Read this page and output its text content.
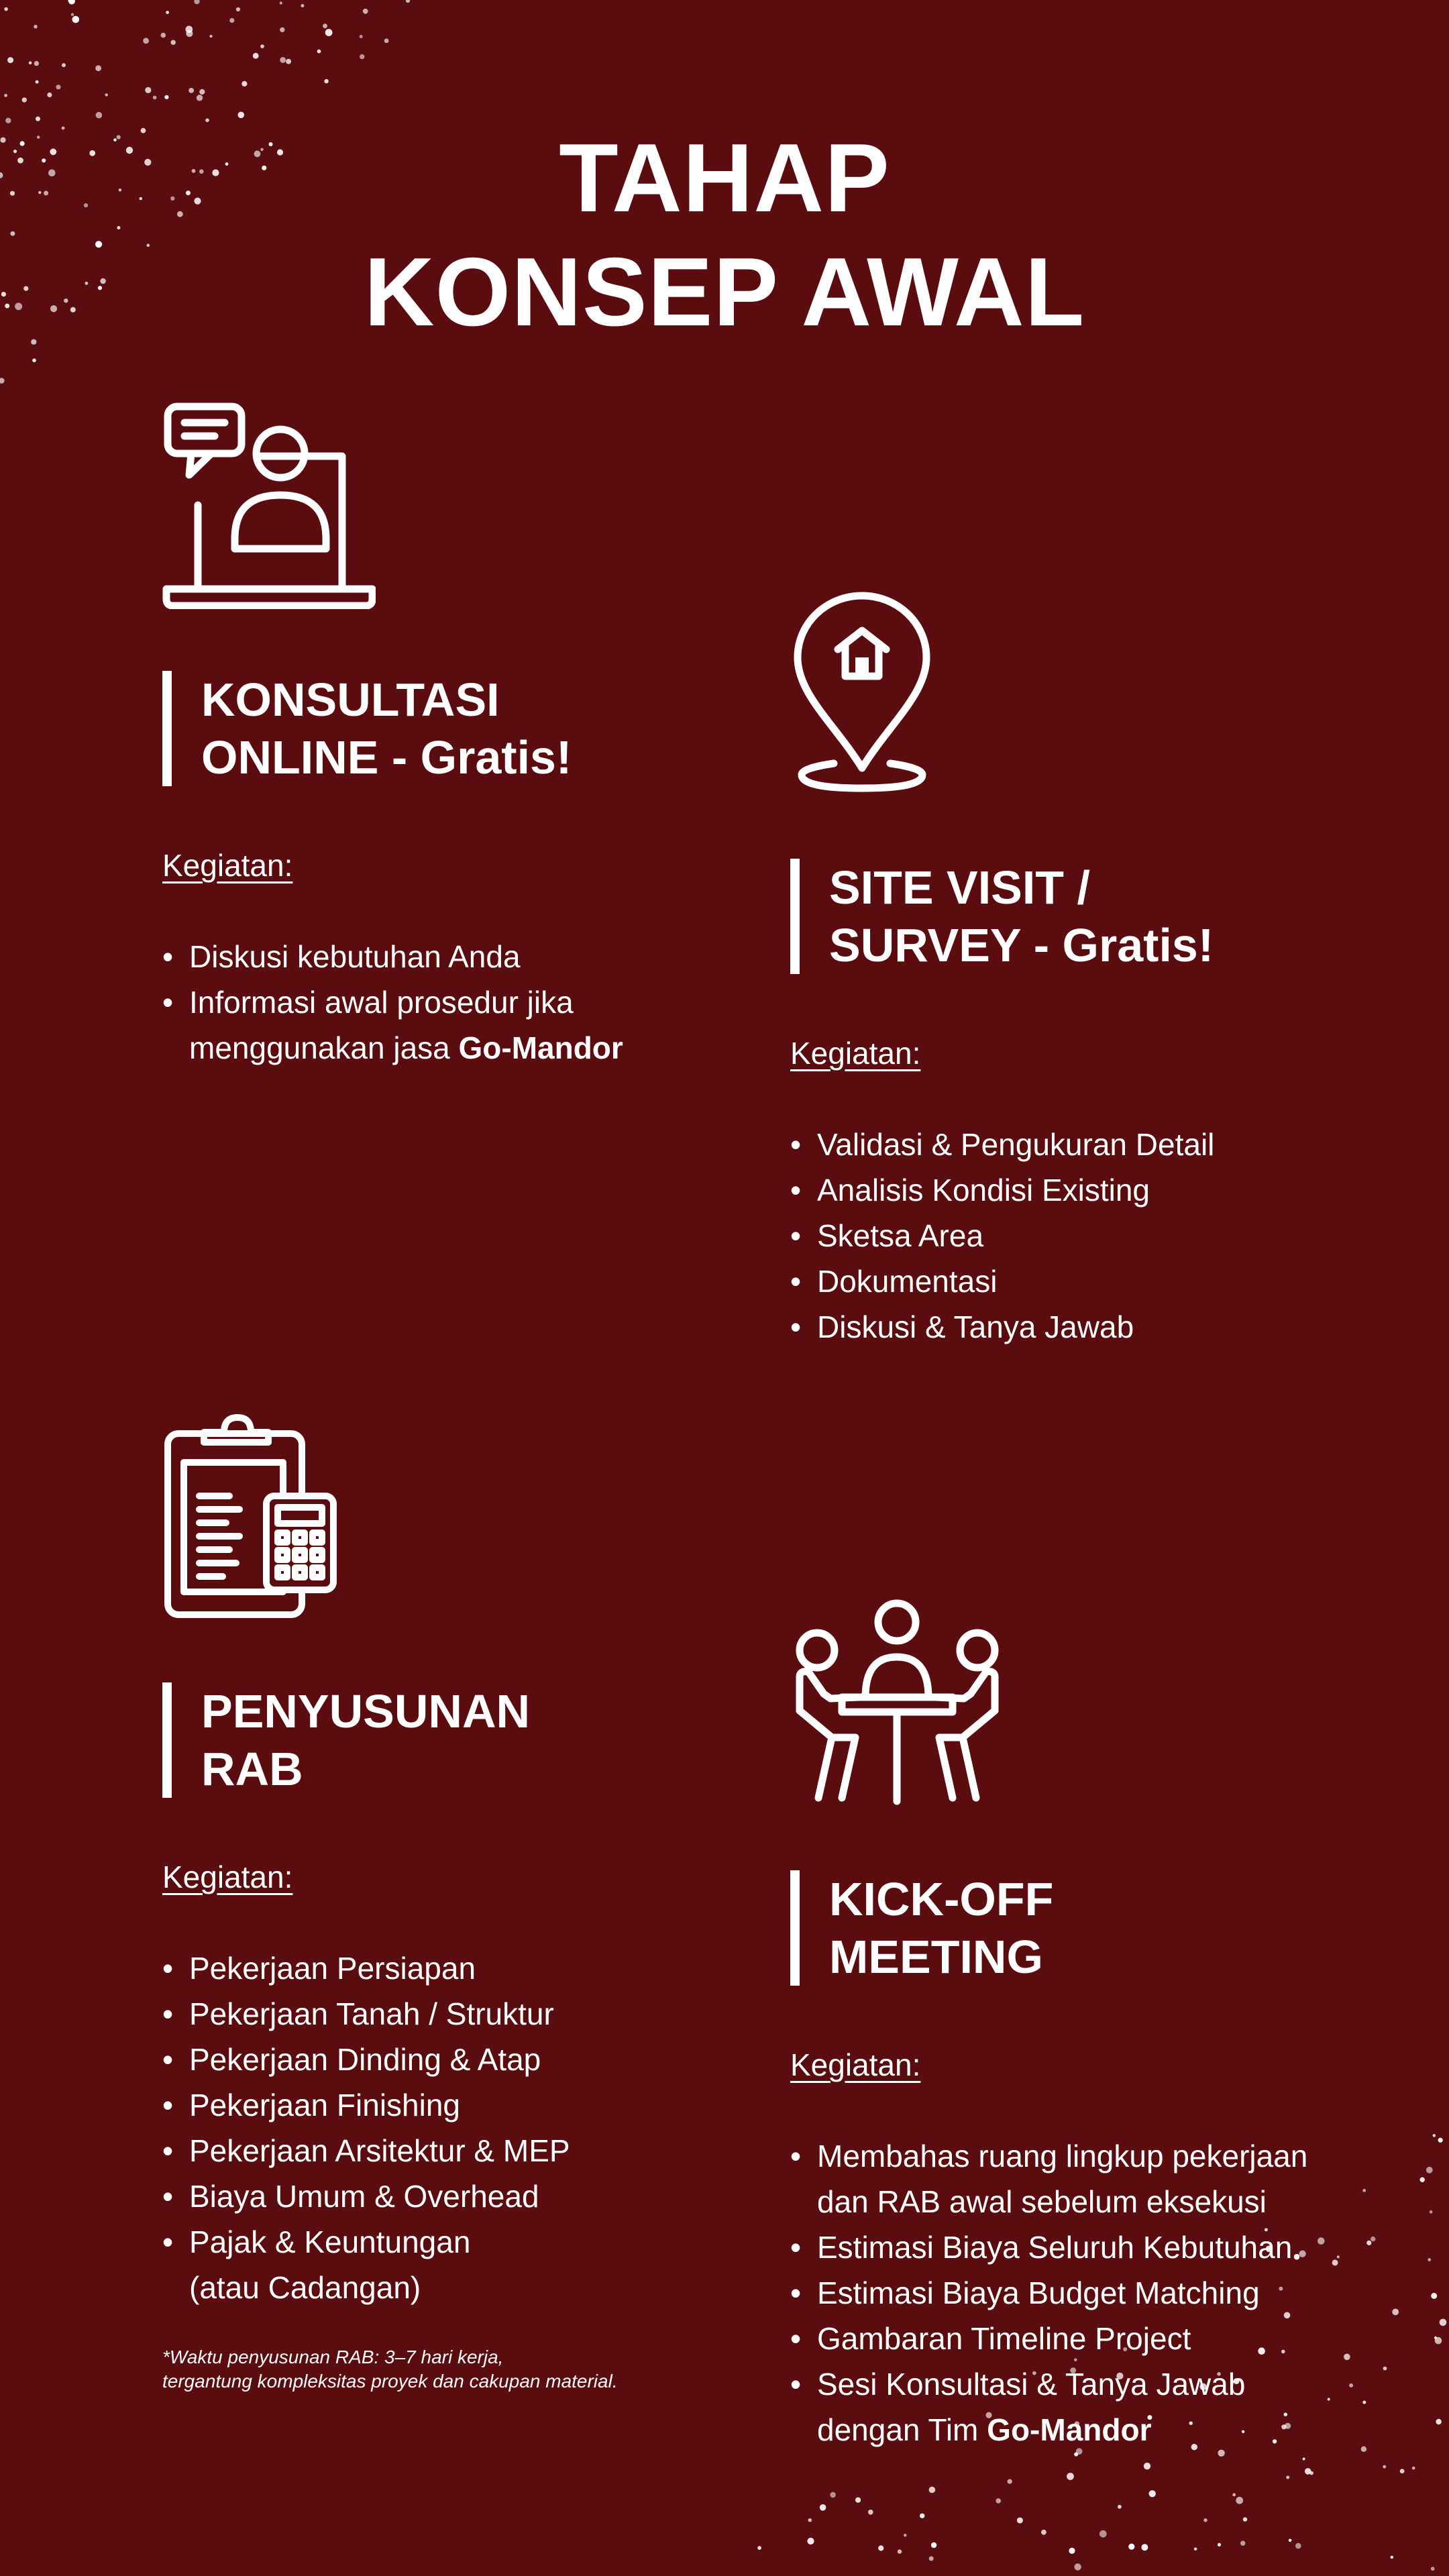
TAHAP
KONSEP AWAL
KONSULTASI
ONLINE - Gratis!
Kegiatan:
• Diskusi kebutuhan Anda
• Informasi awal prosedur jika
menggunakan jasa Go-Mandor
SITE VISIT /
SURVEY - Gratis!
Kegiatan:
• Validasi & Pengukuran Detail
• Analisis Kondisi Existing
• Sketsa Area
• Dokumentasi
• Diskusi & Tanya Jawab
PENYUSUNAN
RAB
Kegiatan:
• Pekerjaan Persiapan
• Pekerjaan Tanah / Struktur
• Pekerjaan Dinding & Atap
• Pekerjaan Finishing
• Pekerjaan Arsitektur & MEP
• Biaya Umum & Overhead
• Pajak & Keuntungan
(atau Cadangan)
*Waktu penyusunan RAB: 3–7 hari kerja,
tergantung kompleksitas proyek dan cakupan material.
KICK-OFF
MEETING
Kegiatan:
• Membahas ruang lingkup pekerjaan
dan RAB awal sebelum eksekusi
• Estimasi Biaya Seluruh Kebutuhan
• Estimasi Biaya Budget Matching
• Gambaran Timeline Project
• Sesi Konsultasi & Tanya Jawab
dengan Tim Go-Mandor
